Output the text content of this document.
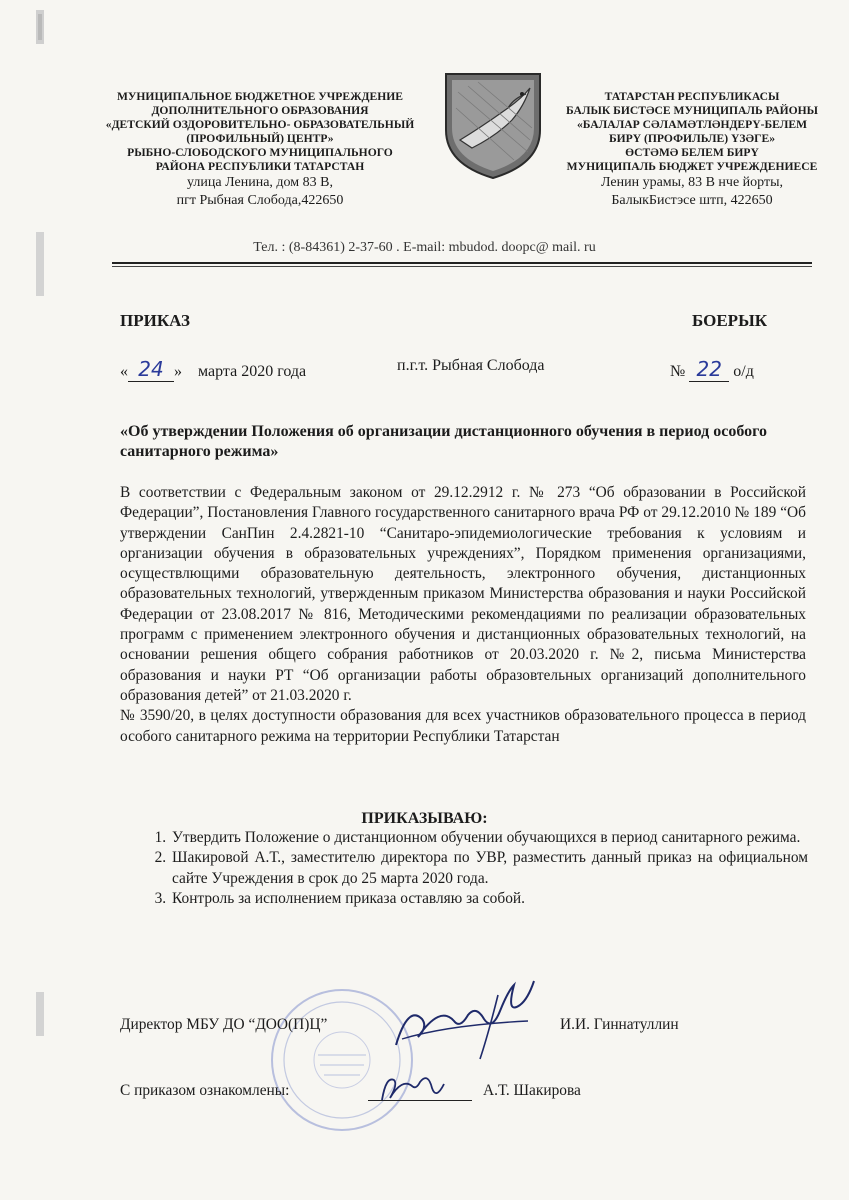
МУНИЦИПАЛЬНОЕ БЮДЖЕТНОЕ УЧРЕЖДЕНИЕ
ДОПОЛНИТЕЛЬНОГО ОБРАЗОВАНИЯ
«ДЕТСКИЙ ОЗДОРОВИТЕЛЬНО- ОБРАЗОВАТЕЛЬНЫЙ
(ПРОФИЛЬНЫЙ) ЦЕНТР»
РЫБНО-СЛОБОДСКОГО МУНИЦИПАЛЬНОГО
РАЙОНА РЕСПУБЛИКИ ТАТАРСТАН
улица Ленина, дом 83 В,
пгт Рыбная Слобода,422650
ТАТАРСТАН РЕСПУБЛИКАСЫ
БАЛЫК БИСТӘСЕ МУНИЦИПАЛЬ РАЙОНЫ
«БАЛАЛАР СӘЛАМӘТЛӘНДЕРҮ-БЕЛЕМ
БИРҮ (ПРОФИЛЬЛЕ) ҮЗӘГЕ»
ӨСТӘМӘ БЕЛЕМ БИРҮ
МУНИЦИПАЛЬ БЮДЖЕТ УЧРЕЖДЕНИЕСЕ
Ленин урамы, 83 В нче йорты,
БалыкБистэсе штп, 422650
Тел. : (8-84361) 2-37-60 . E-mail: mbudod. doopc@ mail. ru
ПРИКАЗ	БОЕРЫК
« 24 » марта 2020 года	п.г.т. Рыбная Слобода	№ 22 о/д
«Об утверждении Положения об организации дистанционного обучения в период особого санитарного режима»

В соответствии с Федеральным законом от 29.12.2912 г. № 273 “Об образовании в Российской Федерации”, Постановления Главного государственного санитарного врача РФ от 29.12.2010 № 189 “Об утверждении СанПин 2.4.2821-10 “Санитаро-эпидемиологические требования к условиям и организации обучения в образовательных учреждениях”, Порядком применения организациями, осуществлющими образовательную деятельность, электронного обучения, дистанционных образовательных технологий, утвержденным приказом Министерства образования и науки Российской Федерации от 23.08.2017 № 816, Методическими рекомендациями по реализации образовательных программ с применением электронного обучения и дистанционных образовательных технологий, на основании решения общего собрания работников от 20.03.2020 г. №2, письма Министерства образования и науки РТ “Об организации работы образовтельных организаций дополнительного образования детей” от 21.03.2020 г.

№ 3590/20, в целях доступности образования для всех участников образовательного процесса в период особого санитарного режима на территории Республики Татарстан

ПРИКАЗЫВАЮ:
1. Утвердить Положение о дистанционном обучении обучающихся в период санитарного режима.
2. Шакировой А.Т., заместителю директора по УВР, разместить данный приказ на официальном сайте Учреждения в срок до 25 марта 2020 года.
3. Контроль за исполнением приказа оставляю за собой.
Директор МБУ ДО “ДОО(П)Ц”	И.И. Гиннатуллин
С приказом ознакомлены:	А.Т. Шакирова
